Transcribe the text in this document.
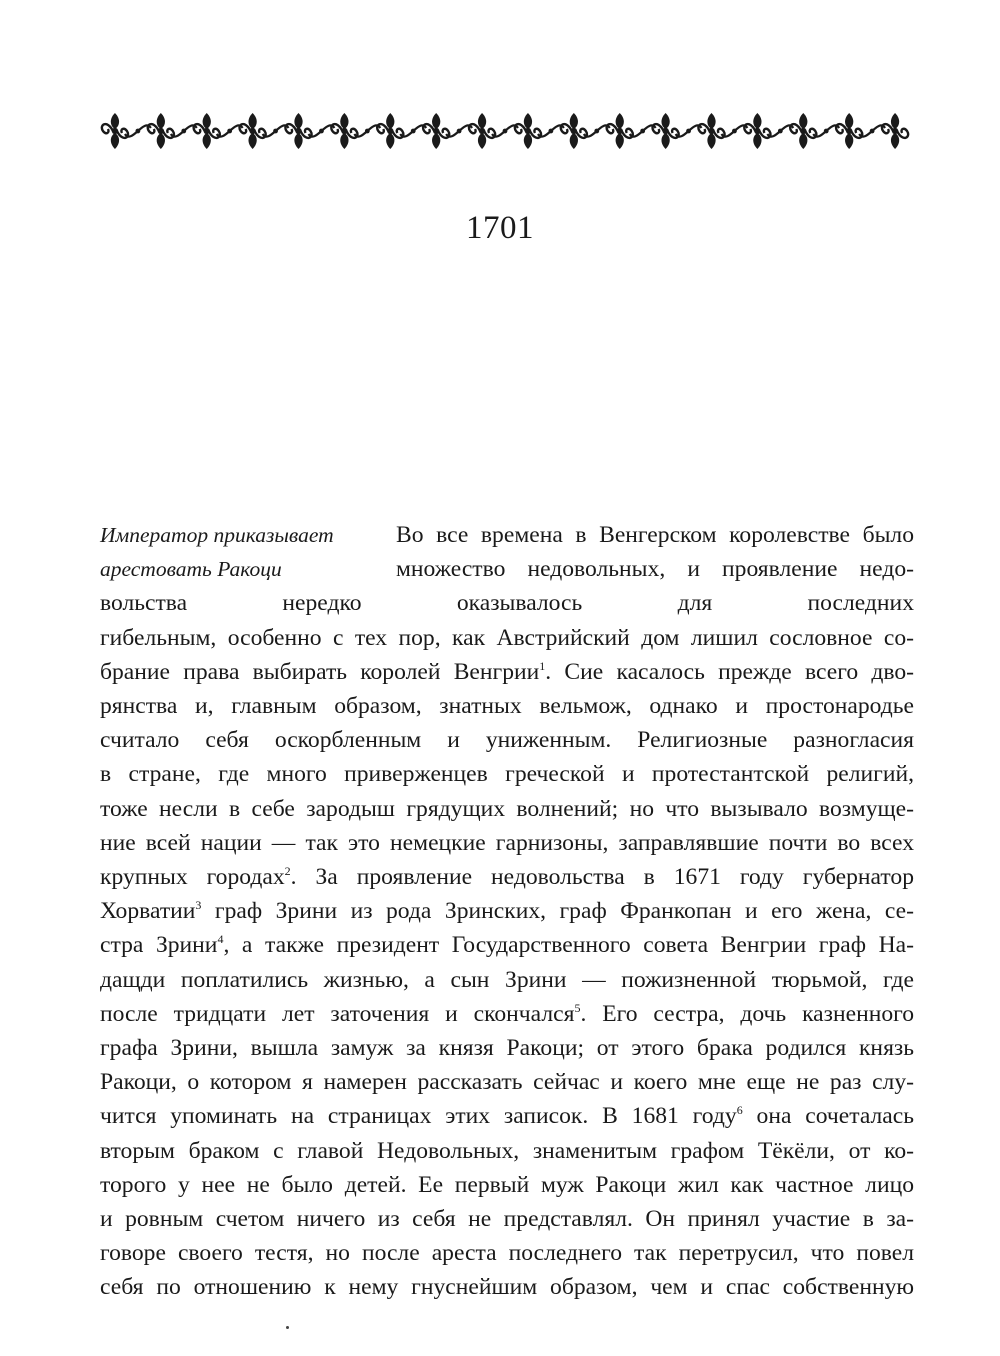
1701
Император приказывает
арестовать Ракоци
Во все времена в Венгерском королевстве было
множество недовольных, и проявление недо-
вольства нередко оказывалось для последних
гибельным, особенно с тех пор, как Австрийский дом лишил сословное со-
брание права выбирать королей Венгрии$^1$. Сие касалось прежде всего дво-
рянства и, главным образом, знатных вельмож, однако и простонародье
считало себя оскорбленным и униженным. Религиозные разногласия
в стране, где много приверженцев греческой и протестантской религий,
тоже несли в себе зародыш грядущих волнений; но что вызывало возмуще-
ние всей нации — так это немецкие гарнизоны, заправлявшие почти во всех
крупных городах$^2$. За проявление недовольства в 1671 году губернатор
Хорватии$^3$ граф Зрини из рода Зринских, граф Франкопан и его жена, се-
стра Зрини$^4$, а также президент Государственного совета Венгрии граф На-
дащди поплатились жизнью, а сын Зрини — пожизненной тюрьмой, где
после тридцати лет заточения и скончался$^5$. Его сестра, дочь казненного
графа Зрини, вышла замуж за князя Ракоци; от этого брака родился князь
Ракоци, о котором я намерен рассказать сейчас и коего мне еще не раз слу-
чится упоминать на страницах этих записок. В 1681 году$^6$ она сочеталась
вторым браком с главой Недовольных, знаменитым графом Тёкёли, от ко-
торого у нее не было детей. Ее первый муж Ракоци жил как частное лицо
и ровным счетом ничего из себя не представлял. Он принял участие в за-
говоре своего тестя, но после ареста последнего так перетрусил, что повел
себя по отношению к нему гнуснейшим образом, чем и спас собственную
